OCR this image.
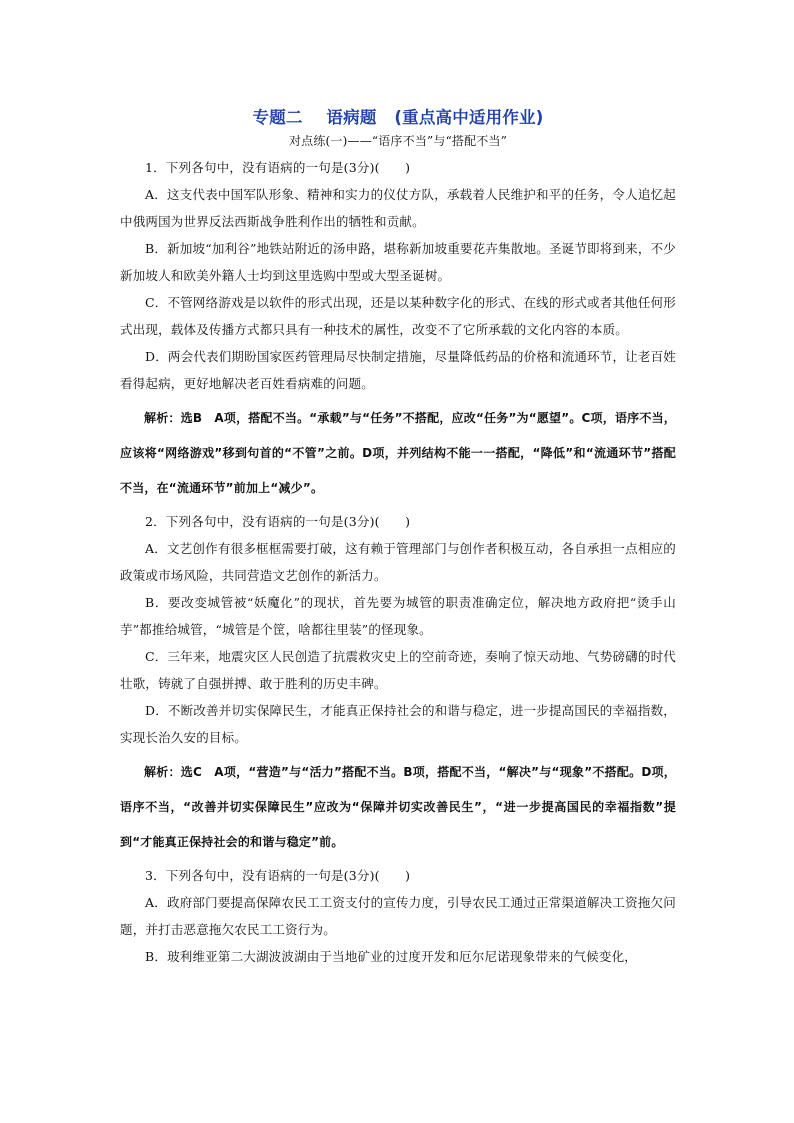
专题二 语病题 (重点高中适用作业)

对点练(一)——“语序不当”与“搭配不当”

1．下列各句中，没有语病的一句是(3分)(　　)

A．这支代表中国军队形象、精神和实力的仪仗方队，承载着人民维护和平的任务，令人追忆起中俄两国为世界反法西斯战争胜利作出的牺牲和贡献。

B．新加坡“加利谷”地铁站附近的汤申路，堪称新加坡重要花卉集散地。圣诞节即将到来，不少新加坡人和欧美外籍人士均到这里选购中型或大型圣诞树。

C．不管网络游戏是以软件的形式出现，还是以某种数字化的形式、在线的形式或者其他任何形式出现，载体及传播方式都只具有一种技术的属性，改变不了它所承载的文化内容的本质。

D．两会代表们期盼国家医药管理局尽快制定措施，尽量降低药品的价格和流通环节，让老百姓看得起病，更好地解决老百姓看病难的问题。

解析：选B　A项，搭配不当。“承载”与“任务”不搭配，应改“任务”为“愿望”。C项，语序不当，应该将“网络游戏”移到句首的“不管”之前。D项，并列结构不能一一搭配，“降低”和“流通环节”搭配不当，在“流通环节”前加上“减少”。

2．下列各句中，没有语病的一句是(3分)(　　)

A．文艺创作有很多框框需要打破，这有赖于管理部门与创作者积极互动，各自承担一点相应的政策或市场风险，共同营造文艺创作的新活力。

B．要改变城管被“妖魔化”的现状，首先要为城管的职责准确定位，解决地方政府把“烫手山芋”都推给城管，“城管是个筐，啥都往里装”的怪现象。

C．三年来，地震灾区人民创造了抗震救灾史上的空前奇迹，奏响了惊天动地、气势磅礴的时代壮歌，铸就了自强拼搏、敢于胜利的历史丰碑。

D．不断改善并切实保障民生，才能真正保持社会的和谐与稳定，进一步提高国民的幸福指数，实现长治久安的目标。

解析：选C　A项，“营造”与“活力”搭配不当。B项，搭配不当，“解决”与“现象”不搭配。D项，语序不当，“改善并切实保障民生”应改为“保障并切实改善民生”，“进一步提高国民的幸福指数”提到“才能真正保持社会的和谐与稳定”前。

3．下列各句中，没有语病的一句是(3分)(　　)

A．政府部门要提高保障农民工工资支付的宣传力度，引导农民工通过正常渠道解决工资拖欠问题，并打击恶意拖欠农民工工资行为。

B．玻利维亚第二大湖波波湖由于当地矿业的过度开发和厄尔尼诺现象带来的气候变化，
